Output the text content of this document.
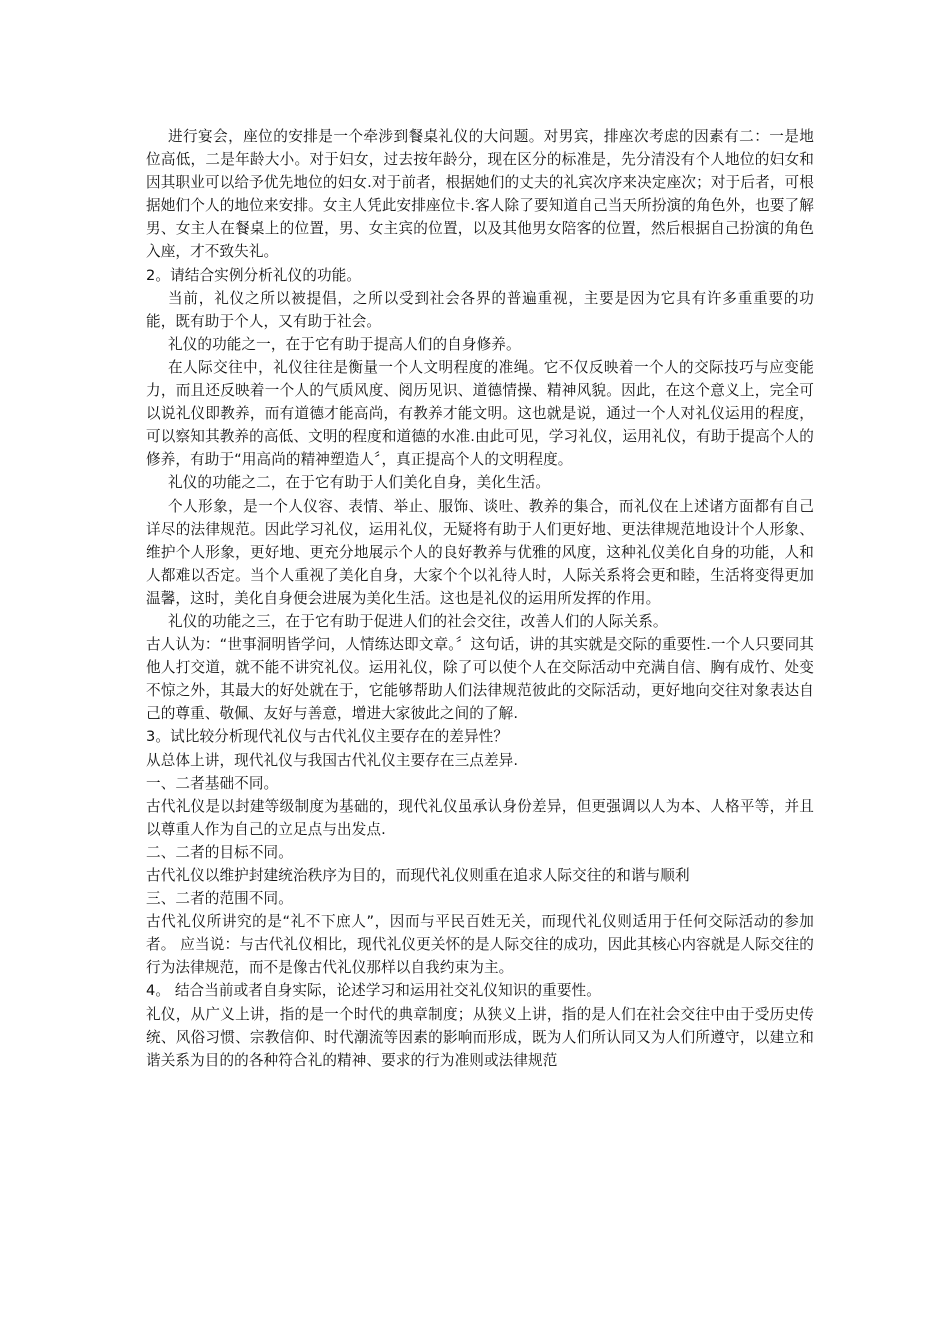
进行宴会，座位的安排是一个牵涉到餐桌礼仪的大问题。对男宾，排座次考虑的因素有二：一是地位高低，二是年龄大小。对于妇女，过去按年龄分，现在区分的标准是，先分清没有个人地位的妇女和因其职业可以给予优先地位的妇女.对于前者，根据她们的丈夫的礼宾次序来决定座次；对于后者，可根据她们个人的地位来安排。女主人凭此安排座位卡.客人除了要知道自己当天所扮演的角色外，也要了解男、女主人在餐桌上的位置，男、女主宾的位置，以及其他男女陪客的位置，然后根据自己扮演的角色入座，才不致失礼。

2。请结合实例分析礼仪的功能。

当前，礼仪之所以被提倡，之所以受到社会各界的普遍重视，主要是因为它具有许多重重要的功能，既有助于个人，又有助于社会。

礼仪的功能之一，在于它有助于提高人们的自身修养。

在人际交往中，礼仪往往是衡量一个人文明程度的准绳。它不仅反映着一个人的交际技巧与应变能力，而且还反映着一个人的气质风度、阅历见识、道德情操、精神风貌。因此，在这个意义上，完全可以说礼仪即教养，而有道德才能高尚，有教养才能文明。这也就是说，通过一个人对礼仪运用的程度，可以察知其教养的高低、文明的程度和道德的水准.由此可见，学习礼仪，运用礼仪，有助于提高个人的修养，有助于“用高尚的精神塑造人〞，真正提高个人的文明程度。

礼仪的功能之二，在于它有助于人们美化自身，美化生活。

个人形象，是一个人仪容、表情、举止、服饰、谈吐、教养的集合，而礼仪在上述诸方面都有自己详尽的法律规范。因此学习礼仪，运用礼仪，无疑将有助于人们更好地、更法律规范地设计个人形象、维护个人形象，更好地、更充分地展示个人的良好教养与优雅的风度，这种礼仪美化自身的功能，人和人都难以否定。当个人重视了美化自身，大家个个以礼待人时，人际关系将会更和睦，生活将变得更加温馨，这时，美化自身便会进展为美化生活。这也是礼仪的运用所发挥的作用。

礼仪的功能之三，在于它有助于促进人们的社会交往，改善人们的人际关系。

古人认为：“世事洞明皆学问，人情练达即文章。〞这句话，讲的其实就是交际的重要性.一个人只要同其他人打交道，就不能不讲究礼仪。运用礼仪，除了可以使个人在交际活动中充满自信、胸有成竹、处变不惊之外，其最大的好处就在于，它能够帮助人们法律规范彼此的交际活动，更好地向交往对象表达自己的尊重、敬佩、友好与善意，增进大家彼此之间的了解.

3。试比较分析现代礼仪与古代礼仪主要存在的差异性？

从总体上讲，现代礼仪与我国古代礼仪主要存在三点差异.

一、二者基础不同。

古代礼仪是以封建等级制度为基础的，现代礼仪虽承认身份差异，但更强调以人为本、人格平等，并且以尊重人作为自己的立足点与出发点.

二、二者的目标不同。

古代礼仪以维护封建统治秩序为目的，而现代礼仪则重在追求人际交往的和谐与顺利

三、二者的范围不同。

古代礼仪所讲究的是“礼不下庶人”，因而与平民百姓无关，而现代礼仪则适用于任何交际活动的参加者。 应当说：与古代礼仪相比，现代礼仪更关怀的是人际交往的成功，因此其核心内容就是人际交往的行为法律规范，而不是像古代礼仪那样以自我约束为主。

4。 结合当前或者自身实际，论述学习和运用社交礼仪知识的重要性。

礼仪，从广义上讲，指的是一个时代的典章制度；从狭义上讲，指的是人们在社会交往中由于受历史传统、风俗习惯、宗教信仰、时代潮流等因素的影响而形成，既为人们所认同又为人们所遵守，以建立和谐关系为目的的各种符合礼的精神、要求的行为准则或法律规范
